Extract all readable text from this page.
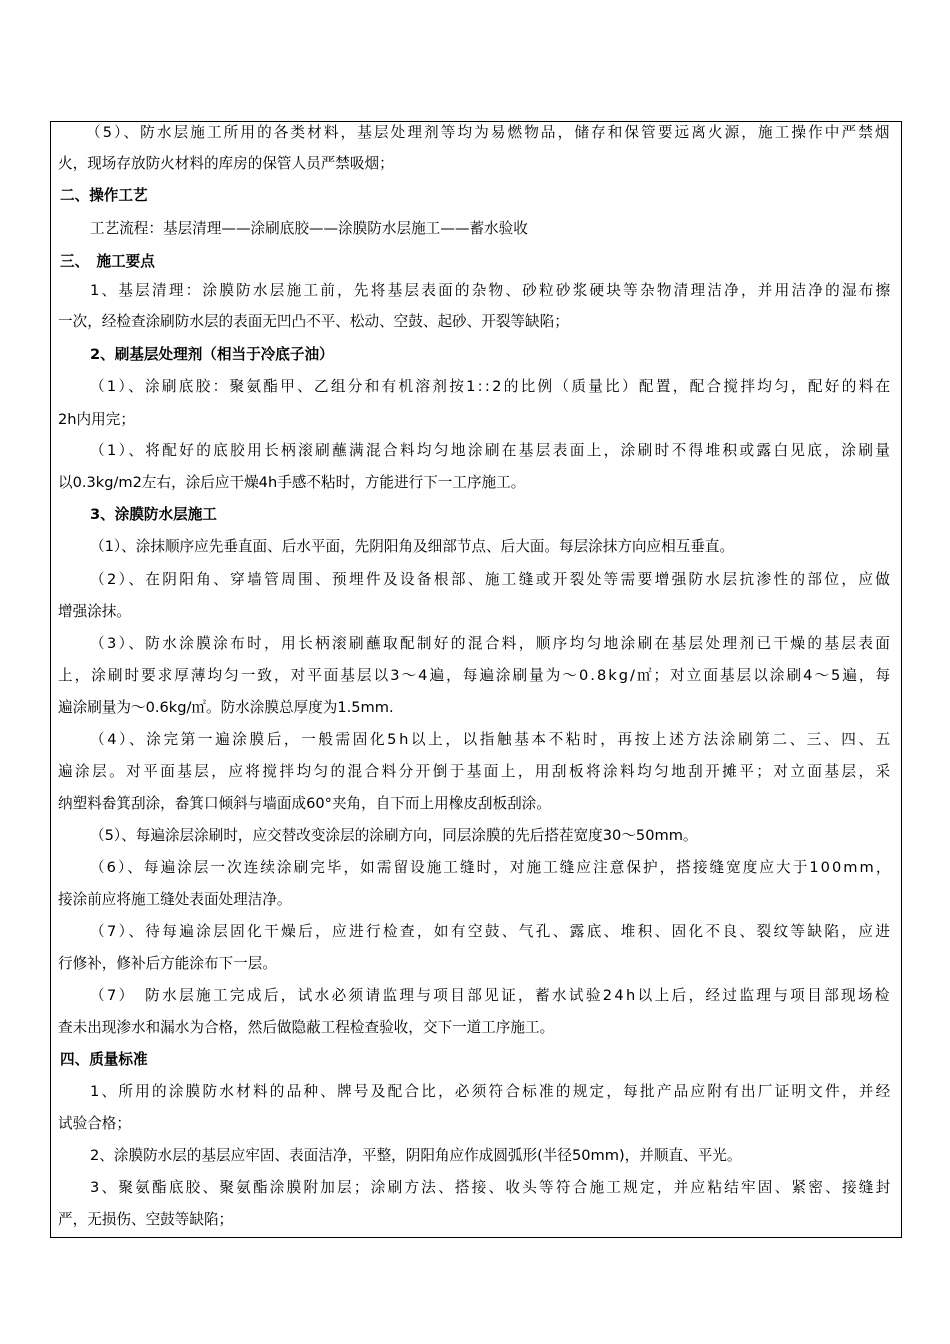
（5）、防水层施工所用的各类材料，基层处理剂等均为易燃物品，储存和保管要远离火源，施工操作中严禁烟
火，现场存放防火材料的库房的保管人员严禁吸烟；
二、操作工艺
工艺流程：基层清理——涂刷底胶——涂膜防水层施工——蓄水验收
三、　施工要点
1、基层清理：涂膜防水层施工前，先将基层表面的杂物、砂粒砂浆硬块等杂物清理洁净，并用洁净的湿布擦
一次，经检查涂刷防水层的表面无凹凸不平、松动、空鼓、起砂、开裂等缺陷；
2、刷基层处理剂（相当于冷底子油）
（1）、涂刷底胶：聚氨酯甲、乙组分和有机溶剂按1::2的比例（质量比）配置，配合搅拌均匀，配好的料在
2h内用完；
（1）、将配好的底胶用长柄滚刷蘸满混合料均匀地涂刷在基层表面上，涂刷时不得堆积或露白见底，涂刷量
以0.3kg/m2左右，涂后应干燥4h手感不粘时，方能进行下一工序施工。
3、涂膜防水层施工
（1）、涂抹顺序应先垂直面、后水平面，先阴阳角及细部节点、后大面。每层涂抹方向应相互垂直。
（2）、在阴阳角、穿墙管周围、预埋件及设备根部、施工缝或开裂处等需要增强防水层抗渗性的部位，应做
增强涂抹。
（3）、防水涂膜涂布时，用长柄滚刷蘸取配制好的混合料，顺序均匀地涂刷在基层处理剂已干燥的基层表面
上，涂刷时要求厚薄均匀一致，对平面基层以3～4遍，每遍涂刷量为～0.8kg/㎡；对立面基层以涂刷4～5遍，每
遍涂刷量为～0.6kg/㎡。防水涂膜总厚度为1.5mm.
（4）、涂完第一遍涂膜后，一般需固化5h以上，以指触基本不粘时，再按上述方法涂刷第二、三、四、五
遍涂层。对平面基层，应将搅拌均匀的混合料分开倒于基面上，用刮板将涂料均匀地刮开摊平；对立面基层，采
纳塑料畚箕刮涂，畚箕口倾斜与墙面成60°夹角，自下而上用橡皮刮板刮涂。
（5）、每遍涂层涂刷时，应交替改变涂层的涂刷方向，同层涂膜的先后搭茬宽度30～50mm。
（6）、每遍涂层一次连续涂刷完毕，如需留设施工缝时，对施工缝应注意保护，搭接缝宽度应大于100mm，
接涂前应将施工缝处表面处理洁净。
（7）、待每遍涂层固化干燥后，应进行检查，如有空鼓、气孔、露底、堆积、固化不良、裂纹等缺陷，应进
行修补，修补后方能涂布下一层。
（7）　防水层施工完成后，试水必须请监理与项目部见证，蓄水试验24h以上后，经过监理与项目部现场检
查未出现渗水和漏水为合格，然后做隐蔽工程检查验收，交下一道工序施工。
四、质量标准
1、所用的涂膜防水材料的品种、牌号及配合比，必须符合标准的规定，每批产品应附有出厂证明文件，并经
试验合格；
2、涂膜防水层的基层应牢固、表面洁净，平整，阴阳角应作成圆弧形(半径50mm)，并顺直、平光。
3、聚氨酯底胶、聚氨酯涂膜附加层；涂刷方法、搭接、收头等符合施工规定，并应粘结牢固、紧密、接缝封
严，无损伤、空鼓等缺陷；
